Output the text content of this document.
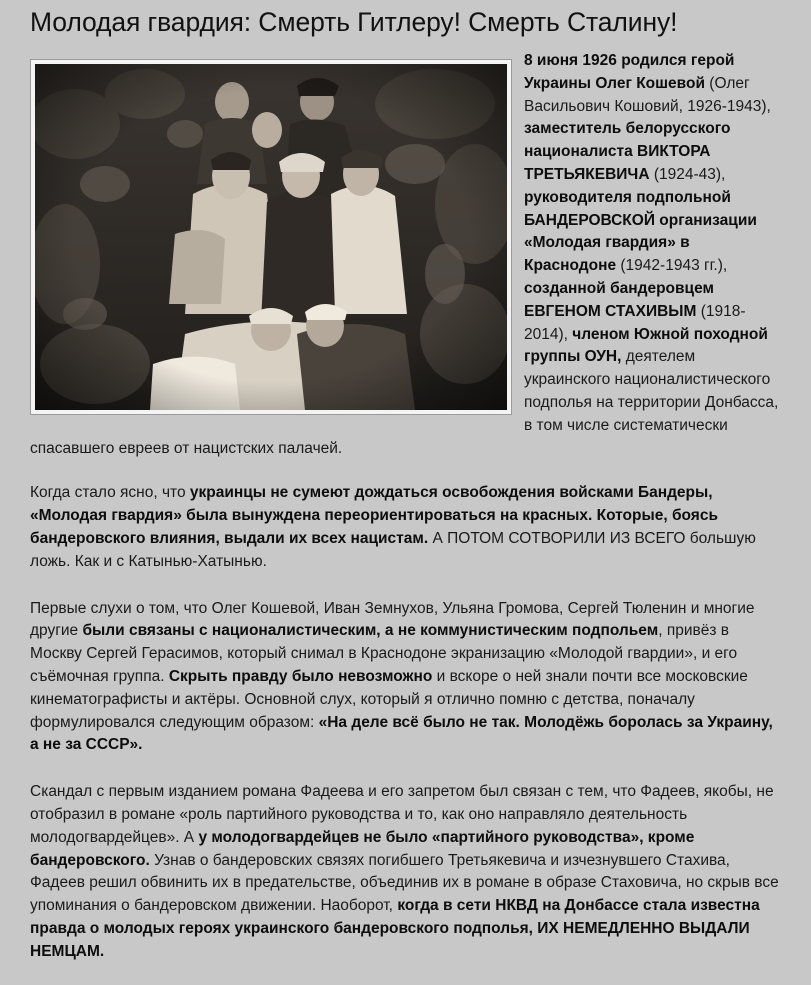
Молодая гвардия: Смерть Гитлеру! Смерть Сталину!

8 июня 1926 родился герой Украины Олег Кошевой (Олег Васильович Кошовий, 1926-1943), заместитель белорусского националиста ВИКТОРА ТРЕТЬЯКЕВИЧА (1924-43), руководителя подпольной БАНДЕРОВСКОЙ организации «Молодая гвардия» в Краснодоне (1942-1943 гг.), созданной бандеровцем ЕВГЕНОМ СТАХИВЫМ (1918-2014), членом Южной походной группы ОУН, деятелем украинского националистического подполья на территории Донбасса, в том числе систематически спасавшего евреев от нацистских палачей.

Когда стало ясно, что украинцы не сумеют дождаться освобождения войсками Бандеры, «Молодая гвардия» была вынуждена переориентироваться на красных. Которые, боясь бандеровского влияния, выдали их всех нацистам. А ПОТОМ СОТВОРИЛИ ИЗ ВСЕГО большую ложь. Как и с Катынью-Хатынью.

Первые слухи о том, что Олег Кошевой, Иван Земнухов, Ульяна Громова, Сергей Тюленин и многие другие были связаны с националистическим, а не коммунистическим подпольем, привёз в Москву Сергей Герасимов, который снимал в Краснодоне экранизацию «Молодой гвардии», и его съёмочная группа. Скрыть правду было невозможно и вскоре о ней знали почти все московские кинематографисты и актёры. Основной слух, который я отлично помню с детства, поначалу формулировался следующим образом: «На деле всё было не так. Молодёжь боролась за Украину, а не за СССР».

Скандал с первым изданием романа Фадеева и его запретом был связан с тем, что Фадеев, якобы, не отобразил в романе «роль партийного руководства и то, как оно направляло деятельность молодогвардейцев». А у молодогвардейцев не было «партийного руководства», кроме бандеровского. Узнав о бандеровских связях погибшего Третьякевича и изчезнувшего Стахива, Фадеев решил обвинить их в предательстве, объединив их в романе в образе Стаховича, но скрыв все упоминания о бандеровском движении. Наоборот, когда в сети НКВД на Донбассе стала известна правда о молодых героях украинского бандеровского подполья, ИХ НЕМЕДЛЕННО ВЫДАЛИ НЕМЦАМ.
